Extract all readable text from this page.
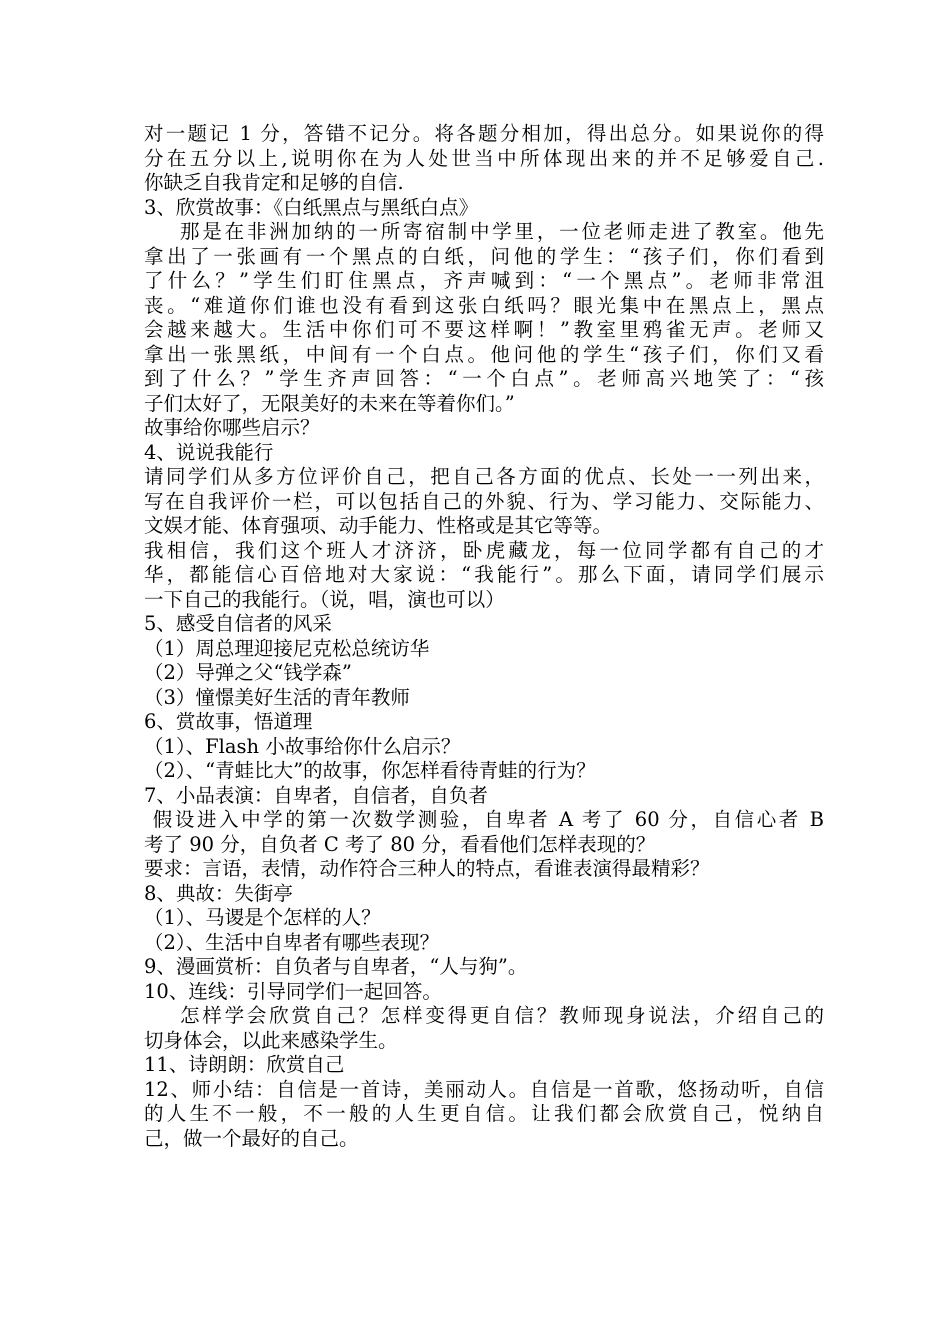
对一题记 1 分，答错不记分。将各题分相加，得出总分。如果说你的得
分在五分以上,说明你在为人处世当中所体现出来的并不足够爱自己.
你缺乏自我肯定和足够的自信.
3、欣赏故事：《白纸黑点与黑纸白点》
那是在非洲加纳的一所寄宿制中学里，一位老师走进了教室。他先
拿出了一张画有一个黑点的白纸，问他的学生：“孩子们，你们看到
了什么？”学生们盯住黑点，齐声喊到：“一个黑点”。老师非常沮
丧。“难道你们谁也没有看到这张白纸吗？眼光集中在黑点上，黑点
会越来越大。生活中你们可不要这样啊！”教室里鸦雀无声。老师又
拿出一张黑纸，中间有一个白点。他问他的学生“孩子们，你们又看
到了什么？”学生齐声回答：“一个白点”。老师高兴地笑了：“孩
子们太好了，无限美好的未来在等着你们。”
故事给你哪些启示？
4、说说我能行
请同学们从多方位评价自己，把自己各方面的优点、长处一一列出来，
写在自我评价一栏，可以包括自己的外貌、行为、学习能力、交际能力、
文娱才能、体育强项、动手能力、性格或是其它等等。
我相信，我们这个班人才济济，卧虎藏龙，每一位同学都有自己的才
华，都能信心百倍地对大家说：“我能行”。那么下面，请同学们展示
一下自己的我能行。（说，唱，演也可以）
5、感受自信者的风采
（1）周总理迎接尼克松总统访华
（2）导弹之父“钱学森”
（3）憧憬美好生活的青年教师
6、赏故事，悟道理
（1）、Flash 小故事给你什么启示？
（2）、“青蛙比大”的故事，你怎样看待青蛙的行为？
7、小品表演：自卑者，自信者，自负者
假设进入中学的第一次数学测验，自卑者 A 考了 60 分，自信心者 B
考了 90 分，自负者 C 考了 80 分，看看他们怎样表现的？
要求：言语，表情，动作符合三种人的特点，看谁表演得最精彩？
8、典故：失街亭
（1）、马谡是个怎样的人？
（2）、生活中自卑者有哪些表现？
9、漫画赏析：自负者与自卑者，“人与狗”。
10、连线：引导同学们一起回答。
怎样学会欣赏自己？怎样变得更自信？教师现身说法，介绍自己的
切身体会，以此来感染学生。
11、诗朗朗：欣赏自己
12、师小结：自信是一首诗，美丽动人。自信是一首歌，悠扬动听，自信
的人生不一般，不一般的人生更自信。让我们都会欣赏自己，悦纳自
己，做一个最好的自己。
